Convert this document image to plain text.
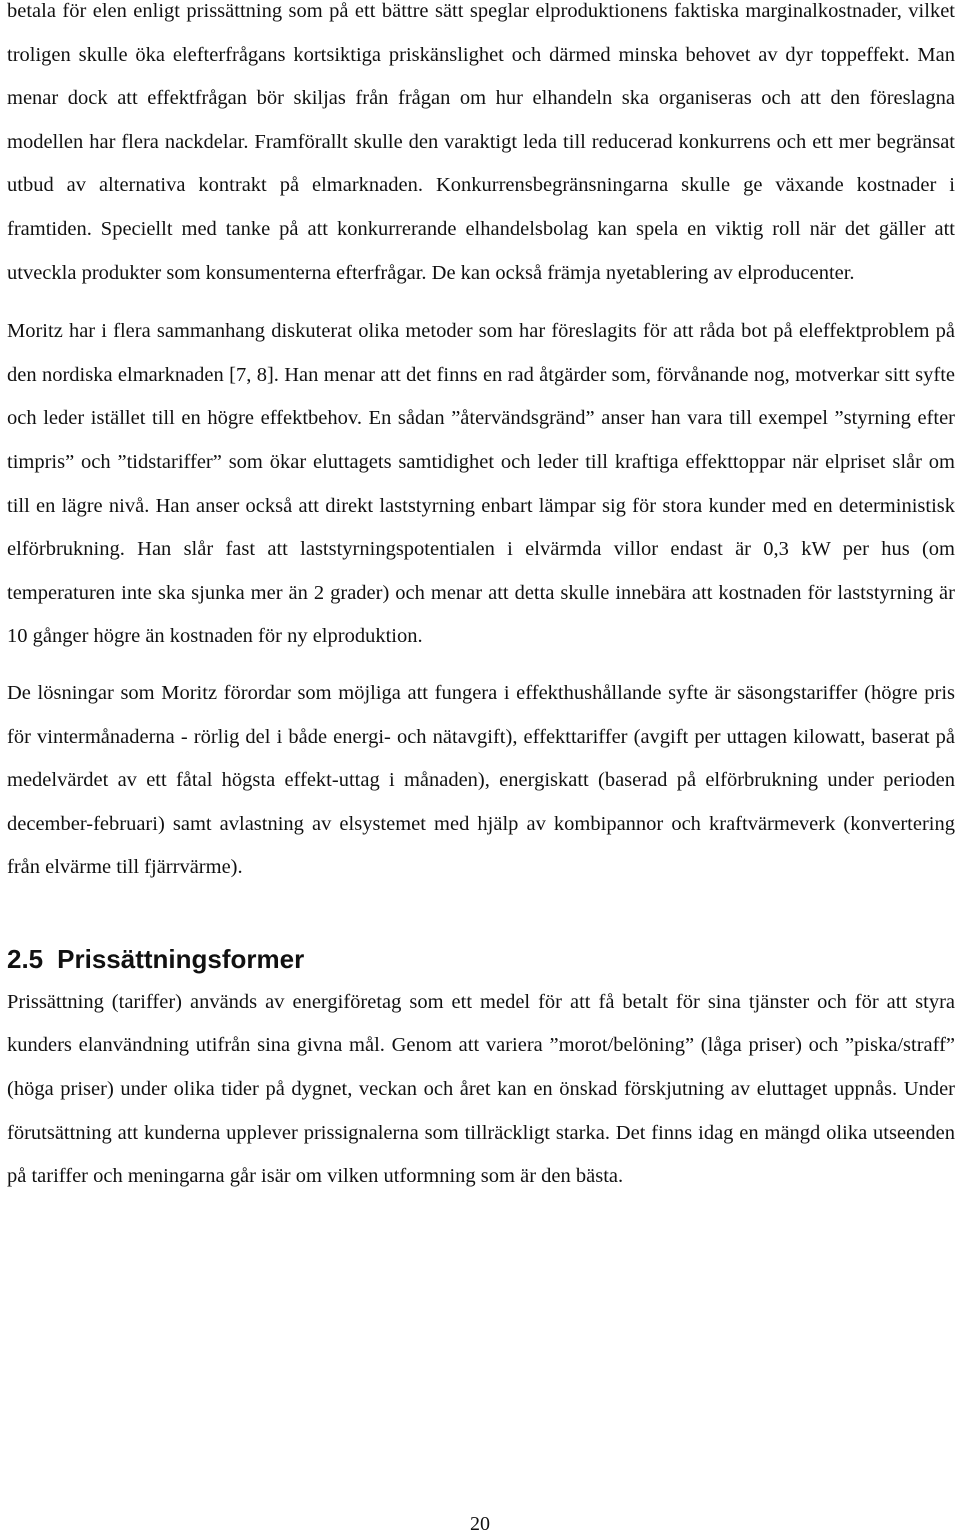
betala för elen enligt prissättning som på ett bättre sätt speglar elproduktionens faktiska marginalkostnader, vilket troligen skulle öka elefterfrågans kortsiktiga priskänslighet och därmed minska behovet av dyr toppeffekt. Man menar dock att effektfrågan bör skiljas från frågan om hur elhandeln ska organiseras och att den föreslagna modellen har flera nackdelar. Framförallt skulle den varaktigt leda till reducerad konkurrens och ett mer begränsat utbud av alternativa kontrakt på elmarknaden. Konkurrensbegränsningarna skulle ge växande kostnader i framtiden. Speciellt med tanke på att konkurrerande elhandelsbolag kan spela en viktig roll när det gäller att utveckla produkter som konsumenterna efterfrågar. De kan också främja nyetablering av elproducenter.

Moritz har i flera sammanhang diskuterat olika metoder som har föreslagits för att råda bot på eleffektproblem på den nordiska elmarknaden [7, 8]. Han menar att det finns en rad åtgärder som, förvånande nog, motverkar sitt syfte och leder istället till en högre effektbehov. En sådan ”återvändsgränd” anser han vara till exempel ”styrning efter timpris” och ”tidstariffer” som ökar eluttagets samtidighet och leder till kraftiga effekttoppar när elpriset slår om till en lägre nivå. Han anser också att direkt laststyrning enbart lämpar sig för stora kunder med en deterministisk elförbrukning. Han slår fast att laststyrningspotentialen i elvärmda villor endast är 0,3 kW per hus (om temperaturen inte ska sjunka mer än 2 grader) och menar att detta skulle innebära att kostnaden för laststyrning är 10 gånger högre än kostnaden för ny elproduktion.

De lösningar som Moritz förordar som möjliga att fungera i effekthushållande syfte är säsongstariffer (högre pris för vintermånaderna - rörlig del i både energi- och nätavgift), effekttariffer (avgift per uttagen kilowatt, baserat på medelvärdet av ett fåtal högsta effekt-uttag i månaden), energiskatt (baserad på elförbrukning under perioden december-februari) samt avlastning av elsystemet med hjälp av kombipannor och kraftvärmeverk (konvertering från elvärme till fjärrvärme).

2.5 Prissättningsformer

Prissättning (tariffer) används av energiföretag som ett medel för att få betalt för sina tjänster och för att styra kunders elanvändning utifrån sina givna mål. Genom att variera ”morot/belöning” (låga priser) och ”piska/straff” (höga priser) under olika tider på dygnet, veckan och året kan en önskad förskjutning av eluttaget uppnås. Under förutsättning att kunderna upplever prissignalerna som tillräckligt starka. Det finns idag en mängd olika utseenden på tariffer och meningarna går isär om vilken utformning som är den bästa.

20
